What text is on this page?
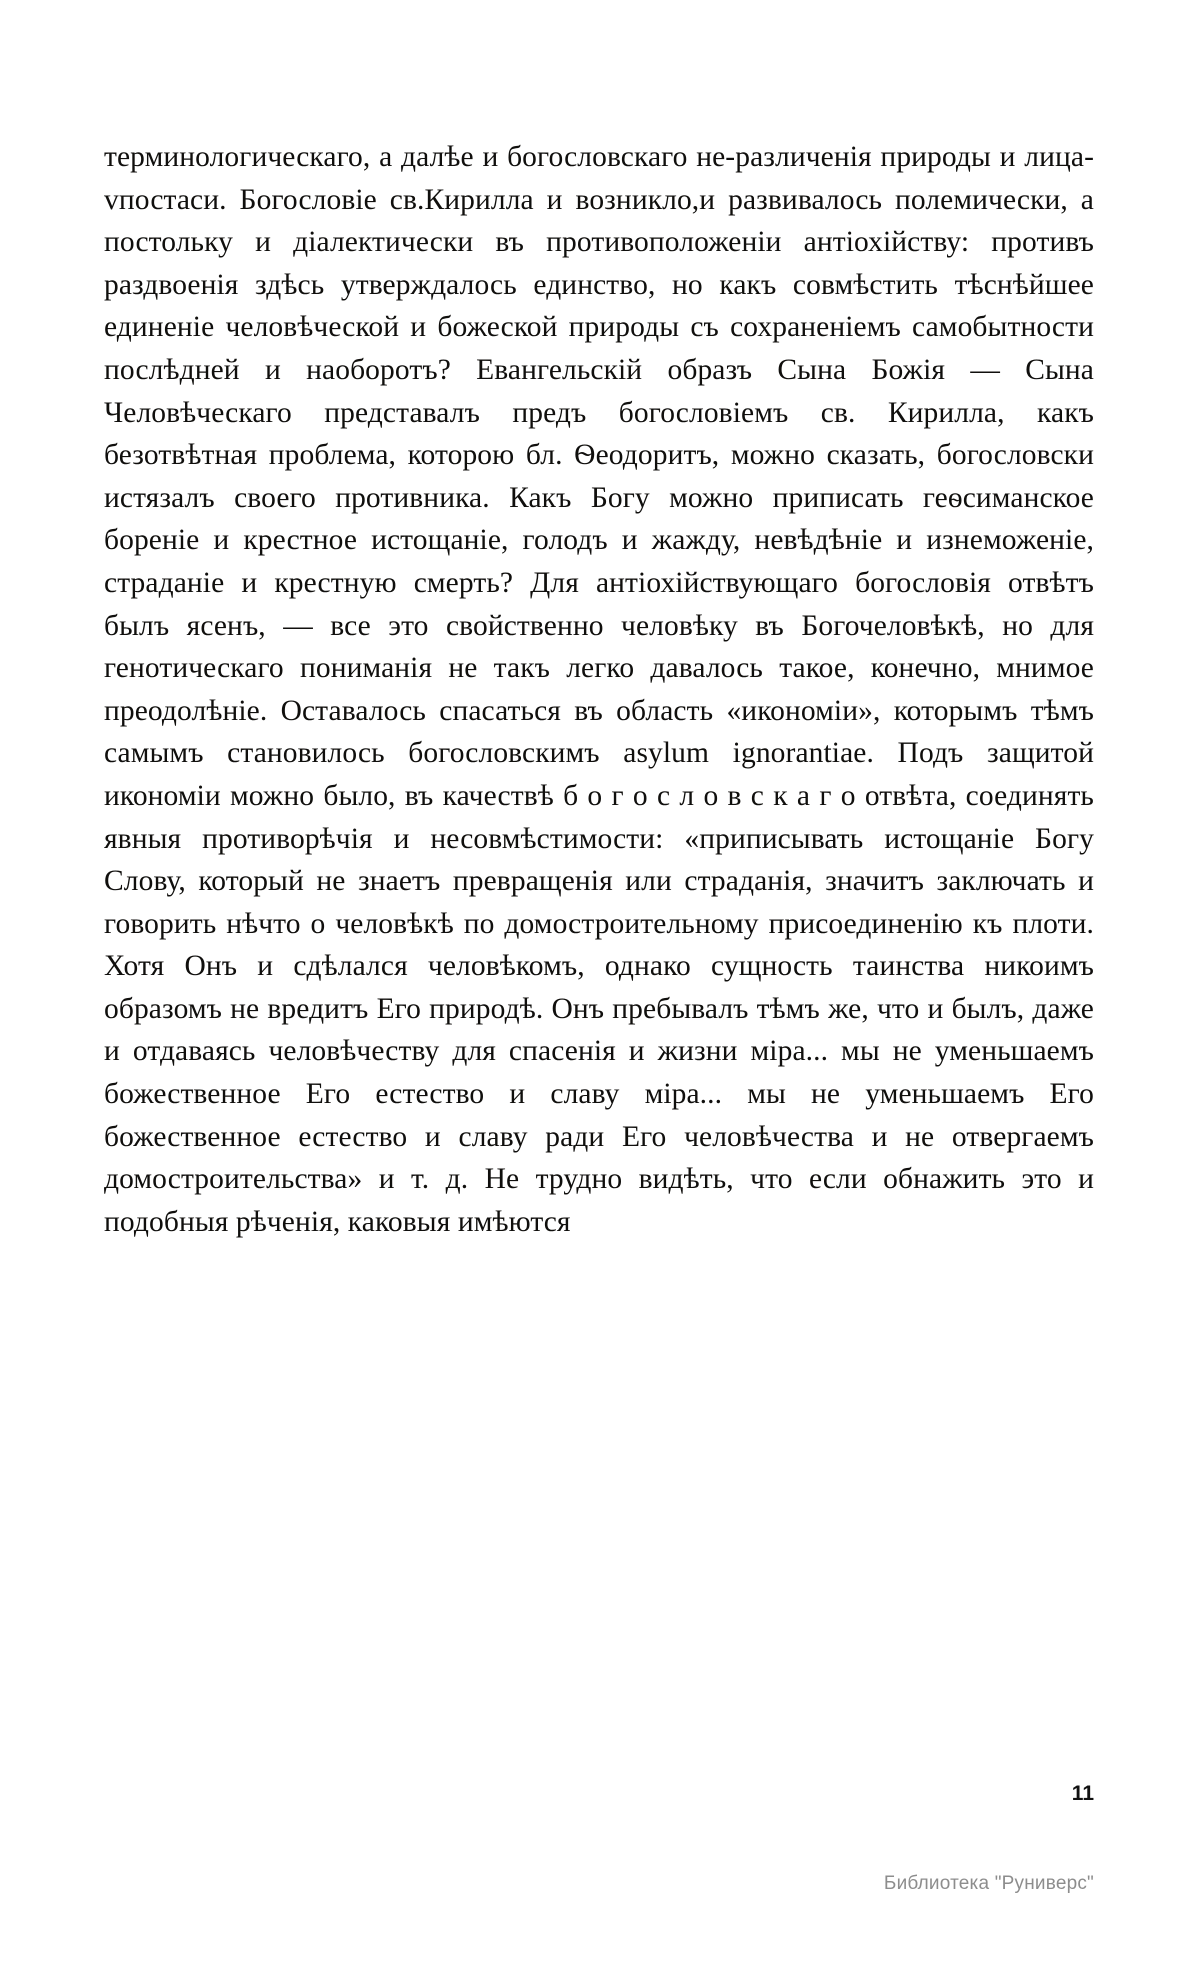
терминологическаго, а далѣе и богословскаго не-различенія природы и лица-vпостаси. Богословіе св.Кирилла и возникло,и развивалось полемически, а постольку и діалектически въ противоположеніи антіохійству: противъ раздвоенія здѣсь утверждалось единство, но какъ совмѣстить тѣснѣйшее единеніе человѣческой и божеской природы съ сохраненіемъ самобытности послѣдней и наоборотъ? Евангельскій образъ Сына Божія — Сына Человѣческаго представалъ предъ богословіемъ св. Кирилла, какъ безотвѣтная проблема, которою бл. Ѳеодоритъ, можно сказать, богословски истязалъ своего противника. Какъ Богу можно приписать геѳсиманское бореніе и крестное истощаніе, голодъ и жажду, невѣдѣніе и изнеможеніе, страданіе и крестную смерть? Для антіохійствующаго богословія отвѣтъ былъ ясенъ, — все это свойственно человѣку въ Богочеловѣкѣ, но для генотическаго пониманія не такъ легко давалось такое, конечно, мнимое преодолѣніе. Оставалось спасаться въ область «икономіи», которымъ тѣмъ самымъ становилось богословскимъ asylum ignorantiae. Подъ защитой икономіи можно было, въ качествѣ б о г о с л о в с к а г о отвѣта, соединять явныя противорѣчія и несовмѣстимости: «приписывать истощаніе Богу Слову, который не знаетъ превращенія или страданія, значитъ заключать и говорить нѣчто о человѣкѣ по домостроительному присоединенію къ плоти. Хотя Онъ и сдѣлался человѣкомъ, однако сущность таинства никоимъ образомъ не вредитъ Его природѣ. Онъ пребывалъ тѣмъ же, что и былъ, даже и отдаваясь человѣчеству для спасенія и жизни міра... мы не уменьшаемъ божественное Его естество и славу міра... мы не уменьшаемъ Его божественное естество и славу ради Его человѣчества и не отвергаемъ домостроительства» и т. д. Не трудно видѣть, что если обнажить это и подобныя рѣченія, каковыя имѣются

11
Библиотека "Руниверс"
